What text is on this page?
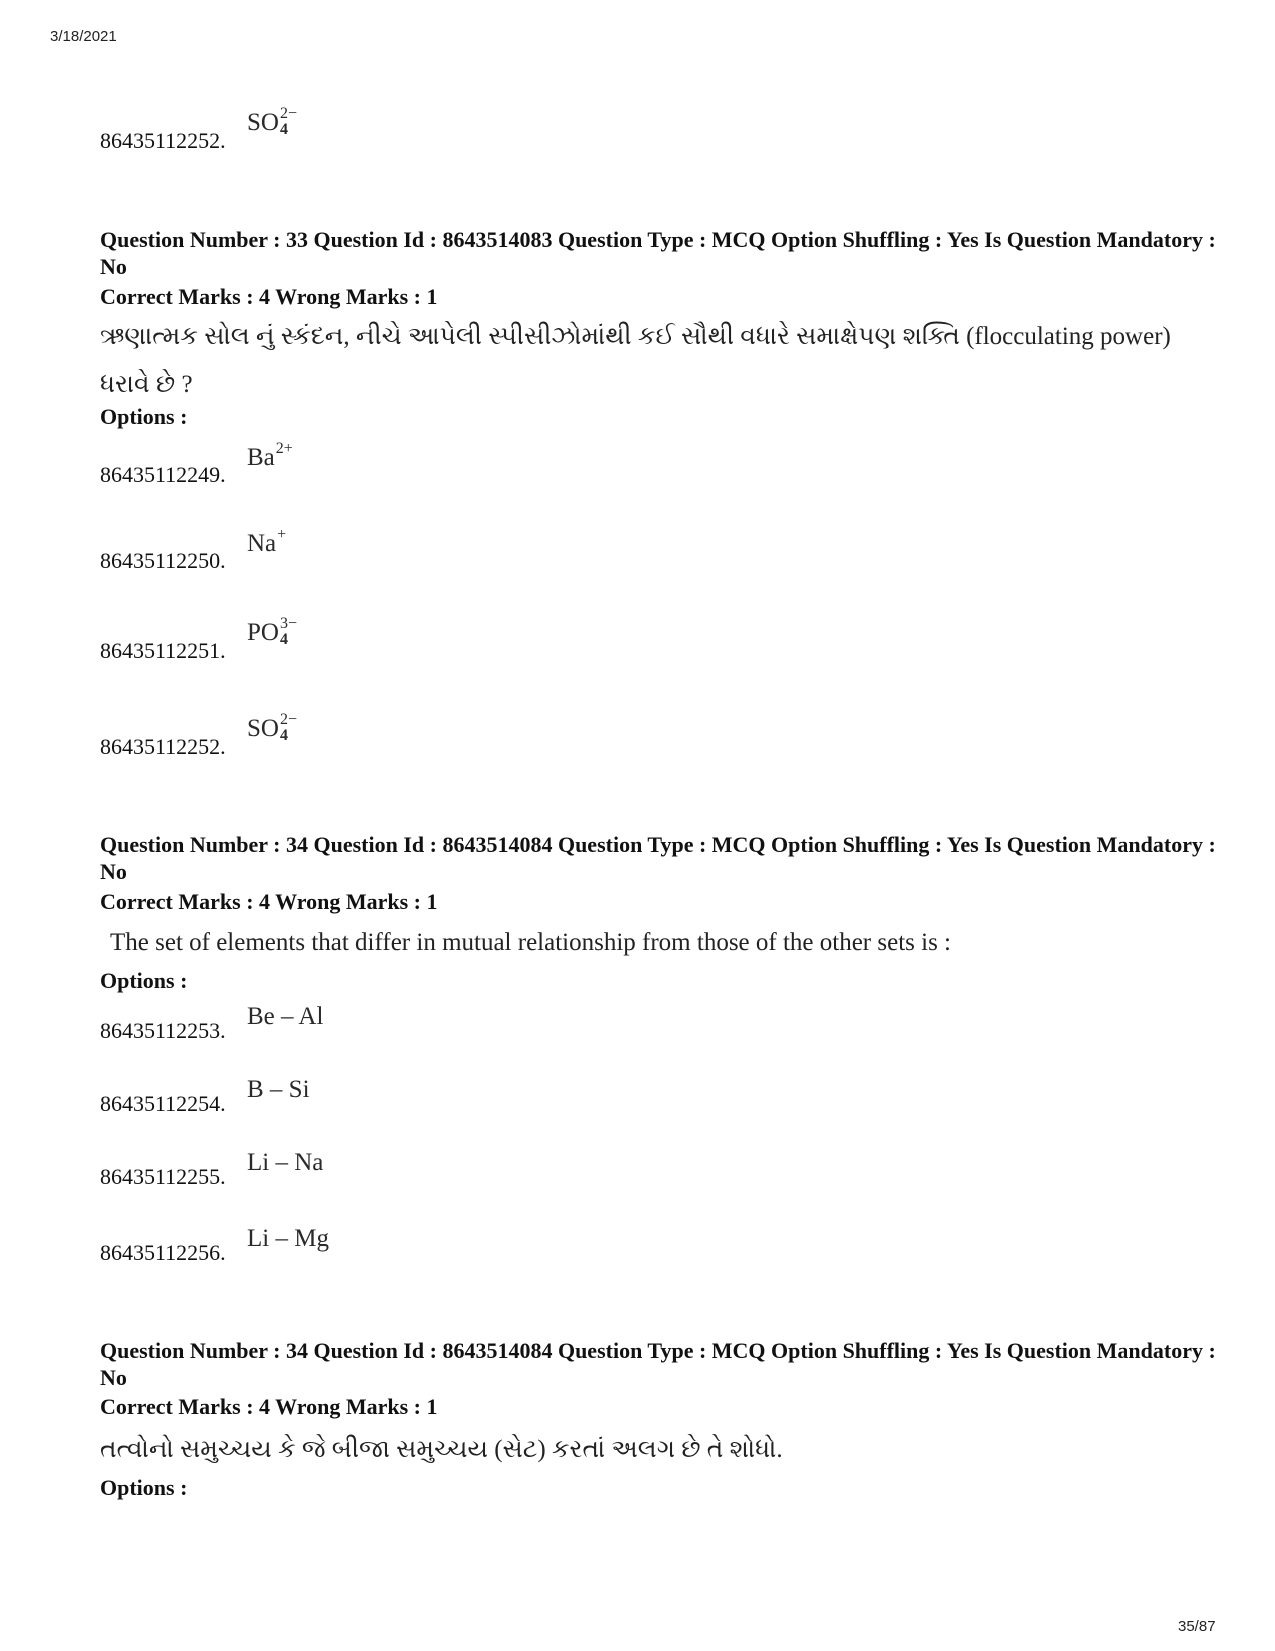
3/18/2021
86435112252.
SO 2−
4
Question Number : 33 Question Id : 8643514083 Question Type : MCQ Option Shuffling : Yes Is Question Mandatory : No
Correct Marks : 4 Wrong Marks : 1
ઋણાત્મક સોલ નું સ્કંદન, નીચે આપેલી સ્પીસીઝોમાંથી કઈ સૌથી વધારે સમાક્ષેપણ શક્તિ (flocculating power) ધરાવે છે ?
Options :
86435112249.
$Ba^{2+}$
86435112250.
Na+
86435112251.
PO 3−
4
86435112252.
SO 2−
4
Question Number : 34 Question Id : 8643514084 Question Type : MCQ Option Shuffling : Yes Is Question Mandatory : No
Correct Marks : 4 Wrong Marks : 1
The set of elements that differ in mutual relationship from those of the other sets is :
Options :
86435112253.
Be – Al
86435112254.
B – Si
86435112255.
Li – Na
86435112256.
Li – Mg
Question Number : 34 Question Id : 8643514084 Question Type : MCQ Option Shuffling : Yes Is Question Mandatory : No
Correct Marks : 4 Wrong Marks : 1
તત્વોનો સમુચ્ચય કે જે બીજા સમુચ્ચય (સેટ) કરતાં અલગ છે તે શોધો.
Options :
35/87
